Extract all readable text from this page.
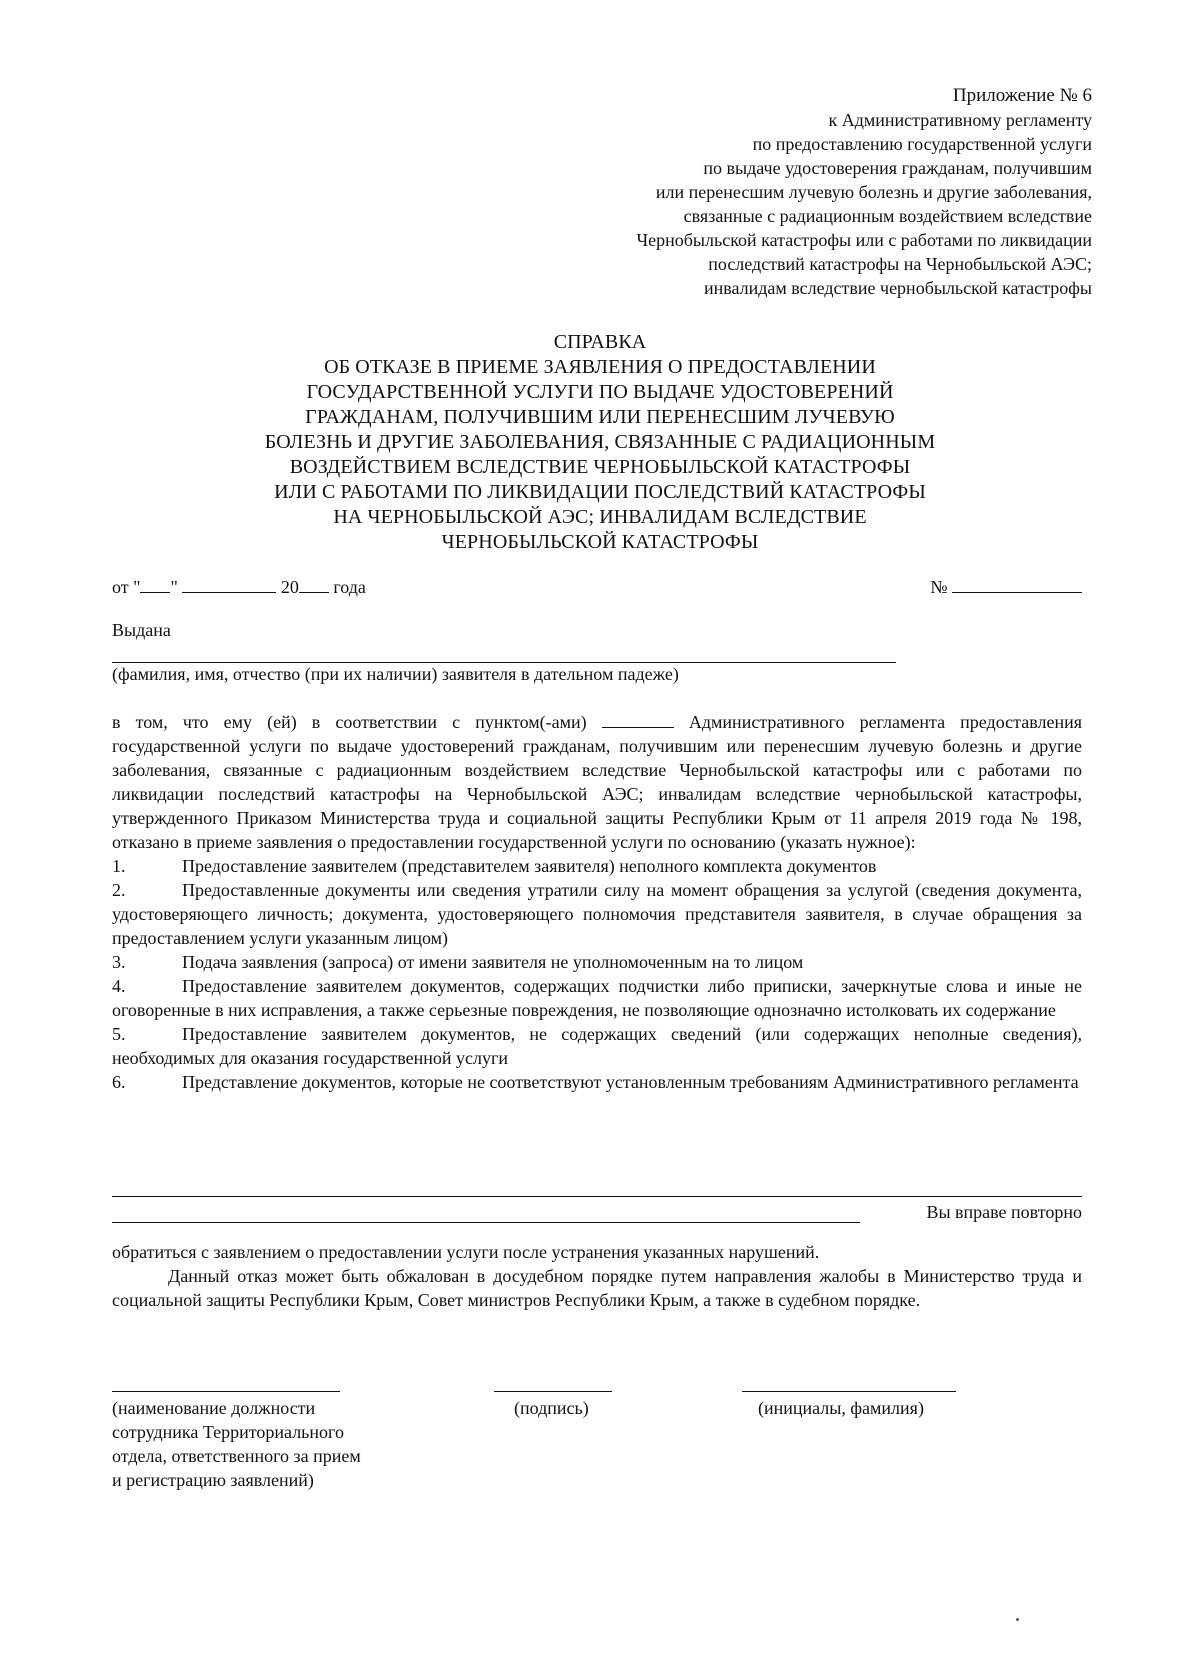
Приложение № 6
к Административному регламенту
по предоставлению государственной услуги
по выдаче удостоверения гражданам, получившим
или перенесшим лучевую болезнь и другие заболевания,
связанные с радиационным воздействием вследствие
Чернобыльской катастрофы или с работами по ликвидации
последствий катастрофы на Чернобыльской АЭС;
инвалидам вследствие чернобыльской катастрофы
СПРАВКА
ОБ ОТКАЗЕ В ПРИЕМЕ ЗАЯВЛЕНИЯ О ПРЕДОСТАВЛЕНИИ
ГОСУДАРСТВЕННОЙ УСЛУГИ ПО ВЫДАЧЕ УДОСТОВЕРЕНИЙ
ГРАЖДАНАМ, ПОЛУЧИВШИМ ИЛИ ПЕРЕНЕСШИМ ЛУЧЕВУЮ
БОЛЕЗНЬ И ДРУГИЕ ЗАБОЛЕВАНИЯ, СВЯЗАННЫЕ С РАДИАЦИОННЫМ
ВОЗДЕЙСТВИЕМ ВСЛЕДСТВИЕ ЧЕРНОБЫЛЬСКОЙ КАТАСТРОФЫ
ИЛИ С РАБОТАМИ ПО ЛИКВИДАЦИИ ПОСЛЕДСТВИЙ КАТАСТРОФЫ
НА ЧЕРНОБЫЛЬСКОЙ АЭС; ИНВАЛИДАМ ВСЛЕДСТВИЕ
ЧЕРНОБЫЛЬСКОЙ КАТАСТРОФЫ
от " "	20 года	№
Выдана
(фамилия, имя, отчество (при их наличии) заявителя в дательном падеже)

в том, что ему (ей) в соответствии с пунктом(-ами)	Административного регламента предоставления государственной услуги по выдаче удостоверений гражданам, получившим или перенесшим лучевую болезнь и другие заболевания, связанные с радиационным воздействием вследствие Чернобыльской катастрофы или с работами по ликвидации последствий катастрофы на Чернобыльской АЭС; инвалидам вследствие чернобыльской катастрофы, утвержденного Приказом Министерства труда и социальной защиты Республики Крым от 11 апреля 2019 года № 198, отказано в приеме заявления о предоставлении государственной услуги по основанию (указать нужное):

1.	Предоставление заявителем (представителем заявителя) неполного комплекта документов

2.	Предоставленные документы или сведения утратили силу на момент обращения за услугой (сведения документа, удостоверяющего личность; документа, удостоверяющего полномочия представителя заявителя, в случае обращения за предоставлением услуги указанным лицом)

3.	Подача заявления (запроса) от имени заявителя не уполномоченным на то лицом

4.	Предоставление заявителем документов, содержащих подчистки либо приписки, зачеркнутые слова и иные не оговоренные в них исправления, а также серьезные повреждения, не позволяющие однозначно истолковать их содержание

5.	Предоставление заявителем документов, не содержащих сведений (или содержащих неполные сведения), необходимых для оказания государственной услуги

6.	Представление документов, которые не соответствуют установленным требованиям Административного регламента

Вы вправе повторно

обратиться с заявлением о предоставлении услуги после устранения указанных нарушений.

Данный отказ может быть обжалован в досудебном порядке путем направления жалобы в Министерство труда и социальной защиты Республики Крым, Совет министров Республики Крым, а также в судебном порядке.

(наименование должности
сотрудника Территориального
отдела, ответственного за прием
и регистрацию заявлений)
(подпись)	(инициалы, фамилия)
